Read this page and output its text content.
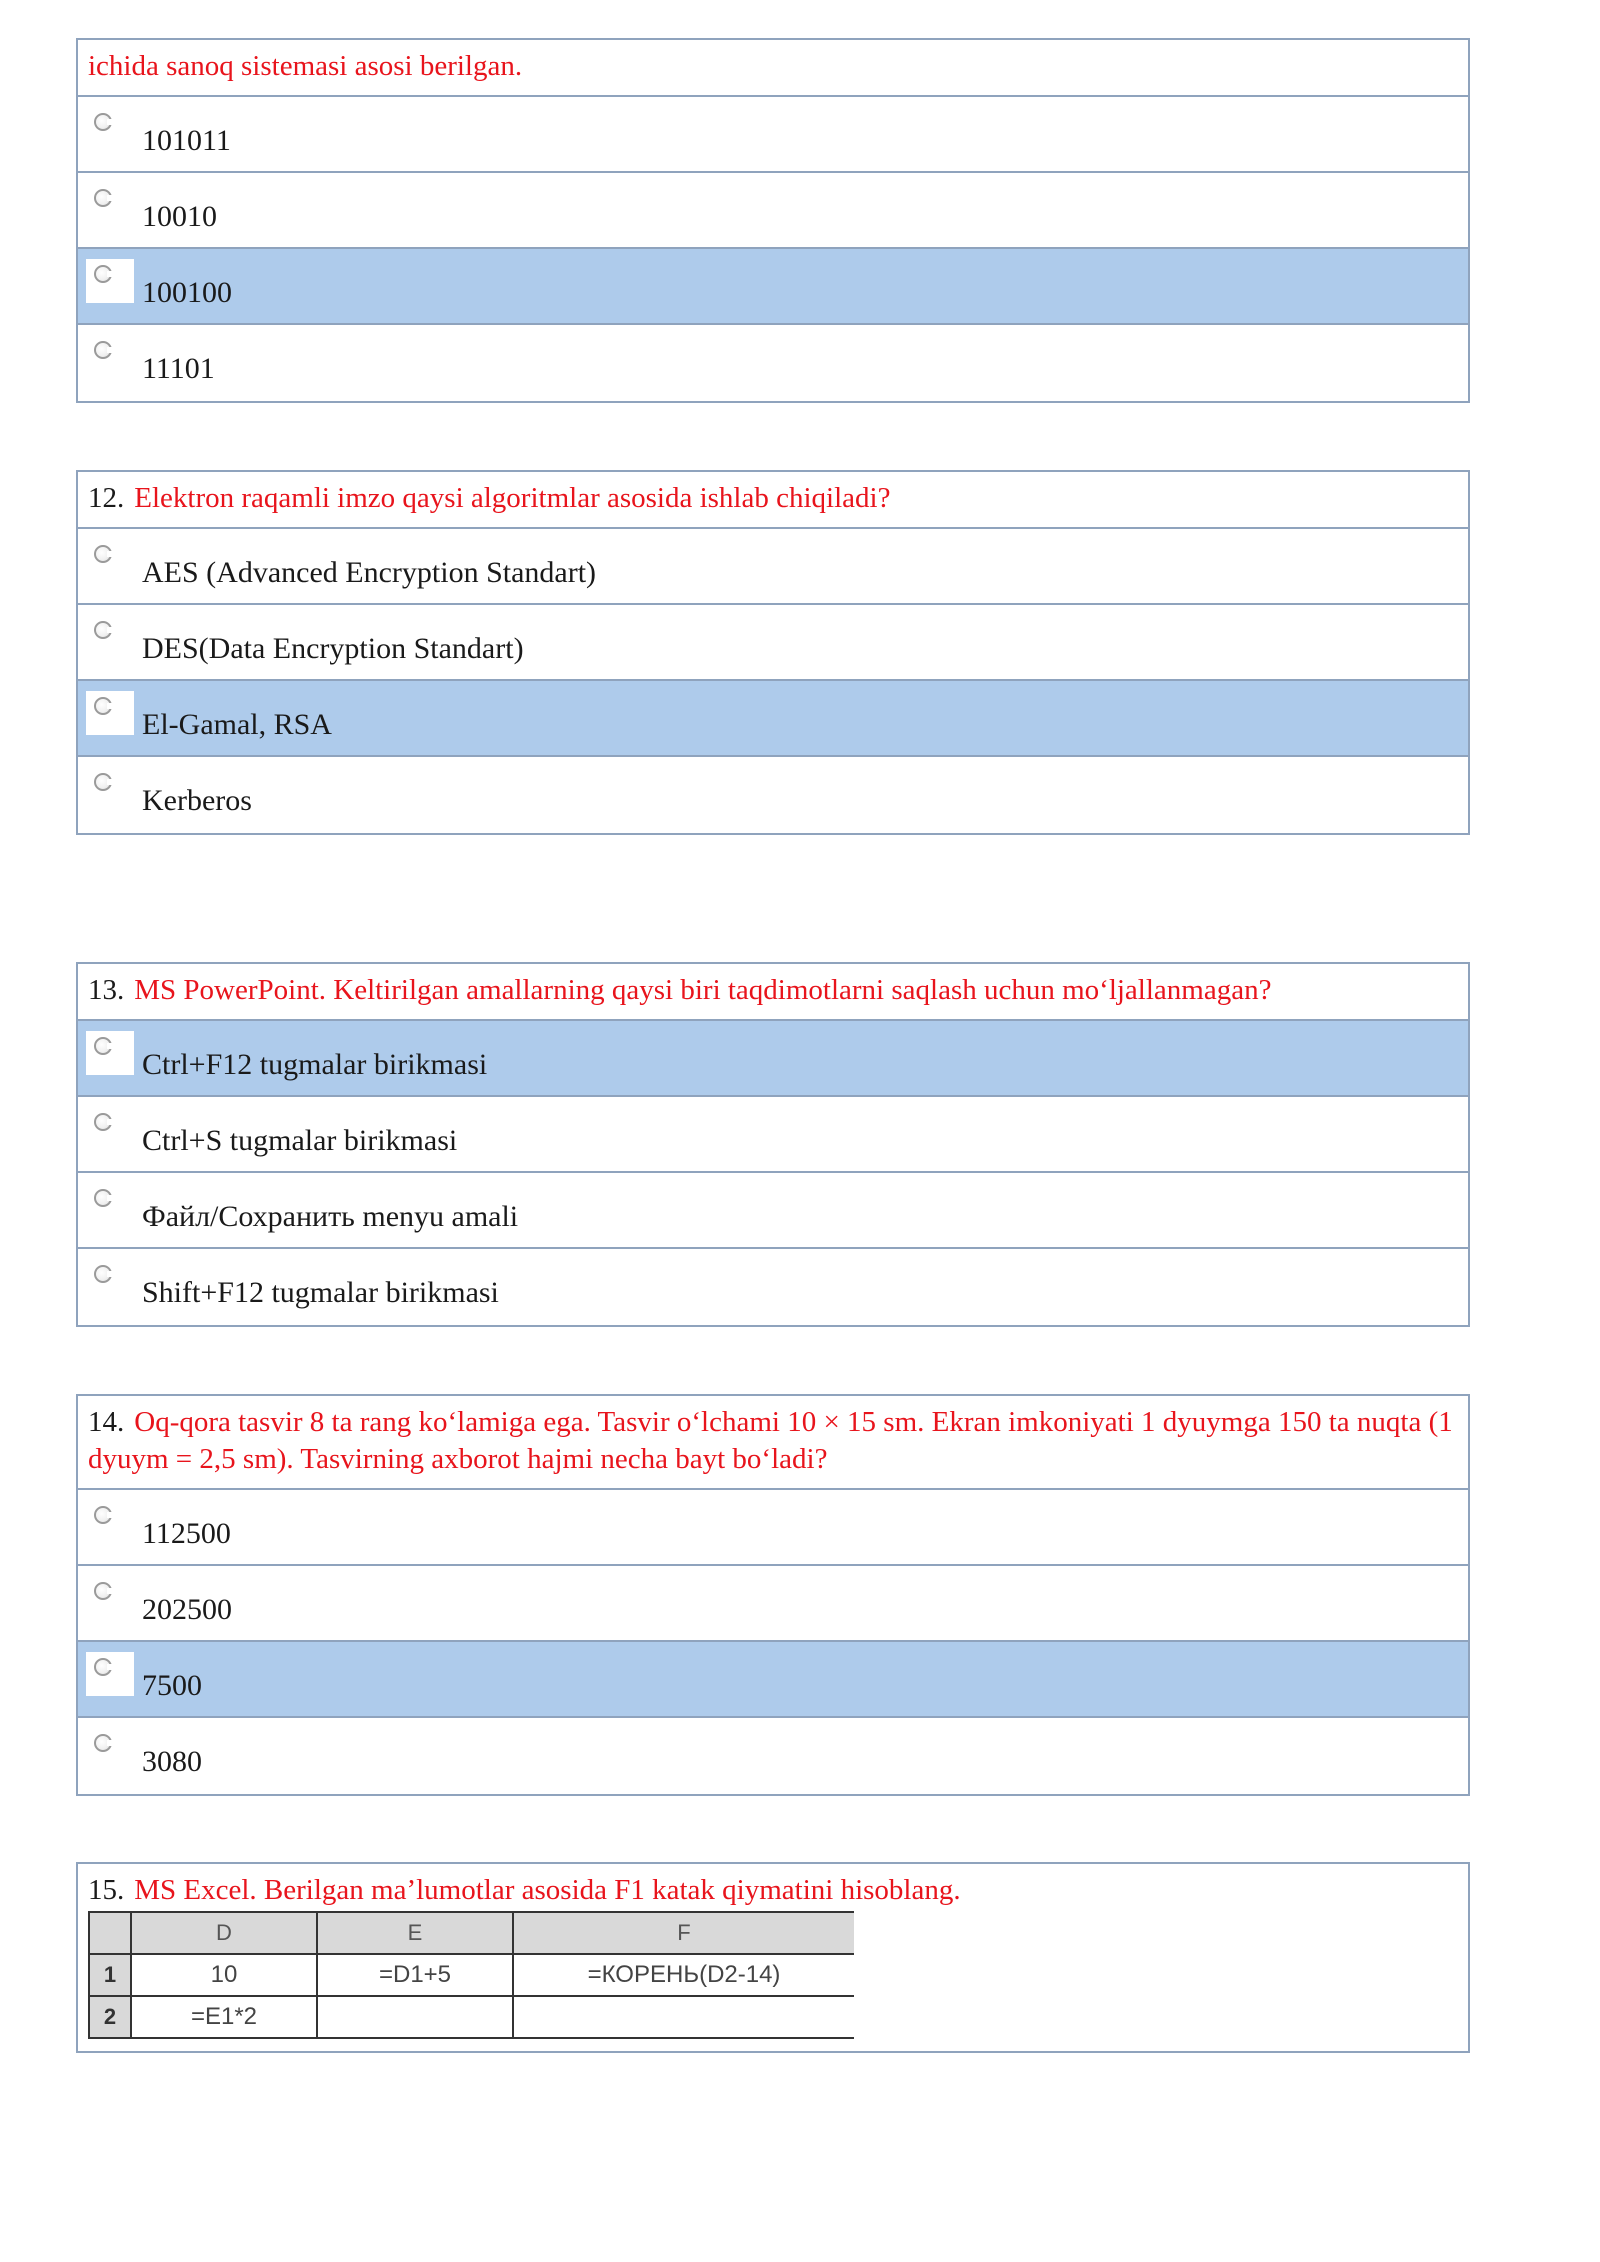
ichida sanoq sistemasi asosi berilgan.
101011
10010
100100
11101
12. Elektron raqamli imzo qaysi algoritmlar asosida ishlab chiqiladi?
AES (Advanced Encryption Standart)
DES(Data Encryption Standart)
El-Gamal, RSA
Kerberos
13. MS PowerPoint. Keltirilgan amallarning qaysi biri taqdimotlarni saqlash uchun mo‘ljallanmagan?
Ctrl+F12 tugmalar birikmasi
Ctrl+S tugmalar birikmasi
Файл/Сохранить menyu amali
Shift+F12 tugmalar birikmasi
14. Oq-qora tasvir 8 ta rang ko‘lamiga ega. Tasvir o‘lchami 10 × 15 sm. Ekran imkoniyati 1 dyuymga 150 ta nuqta (1 dyuym = 2,5 sm). Tasvirning axborot hajmi necha bayt bo‘ladi?
112500
202500
7500
3080
15. MS Excel. Berilgan ma’lumotlar asosida F1 katak qiymatini hisoblang.
	D	E	F
1	10	=D1+5	=КОРЕНЬ(D2-14)
2	=E1*2		
